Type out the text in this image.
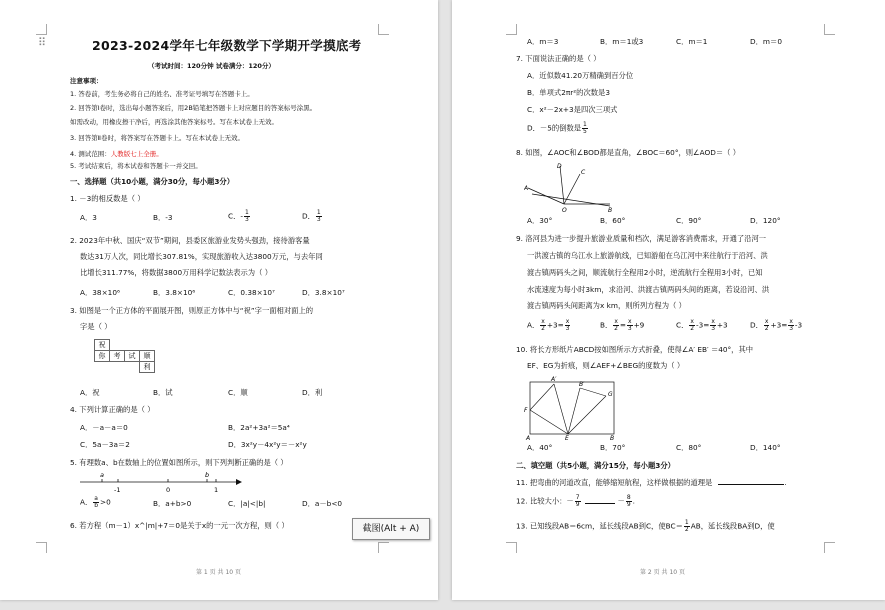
⠿	2023-2024学年七年级数学下学期开学摸底考
（考试时间：120分钟 试卷满分：120分）
注意事项：
1. 答卷前，考生务必将自己的姓名、准考证号填写在答题卡上。
2. 回答第Ⅰ卷时，选出每小题答案后，用2B铅笔把答题卡上对应题目的答案标号涂黑。
如需改动，用橡皮擦干净后，再选涂其他答案标号。写在本试卷上无效。
3. 回答第Ⅱ卷时，将答案写在答题卡上。写在本试卷上无效。
4. 测试范围：人教版七上全册。
5. 考试结束后，将本试卷和答题卡一并交回。
一、选择题（共10小题，满分30分，每小题3分）
1. －3的相反数是（ ）
A．3	B．-3	C．- $\frac{1}{3}$	D． $\frac{1}{3}$
2. 2023年中秋、国庆“双节”期间，县委区旅游业发势头强劲，接待游客量
数达31万人次，同比增长307.81%，实现旅游收入达3800万元，与去年同
比增长311.77%，将数据3800万用科学记数法表示为（ ）
A．38×10⁶	B．3.8×10⁶	C．0.38×10⁷	D．3.8×10⁷
3. 如图是一个正方体的平面展开图，则原正方体中与“祝”字一面相对面上的
字是（ ）
祝			
你	考	试	顺
			利
A．祝	B．试	C．顺	D．利
4. 下列计算正确的是（ ）
A．－a－a＝0	B．2a²+3a²＝5a⁴
C．5a－3a＝2	D．3x²y－4x²y＝－x²y
5. 有理数a、b在数轴上的位置如图所示，则下列判断正确的是（ ）
a
-1	0
b
1
A． $\frac{a}{b} >0$	B．a+b>0	C．|a|<|b|	D．a－b<0
6. 若方程（m－1）x^|m|+7＝0是关于x的一元一次方程，则（ ）
第 1 页 共 10 页
截图(Alt + A)
A．m＝3	B．m＝1或3	C．m＝1	D．m＝0
7. 下面说法正确的是（ ）
A．近似数41.20万精确到百分位
B．单项式2πr²的次数是3
C．x²－2x+3是四次三项式
D．－5的倒数是 $\frac{1}{5}$
8. 如图，∠AOC和∠BOD都是直角，∠BOC＝60°，则∠AOD＝（ ）
D
C
A
O	B
A．30°	B．60°	C．90°	D．120°
9. 洛河县为进一步提升旅游业质量和档次，满足游客消费需求，开通了沿河一
一洪渡古镇的乌江水上旅游航线，已知游船在乌江河中来往航行于沿河、洪
渡古镇两码头之间，顺流航行全程用2小时，逆流航行全程用3小时，已知
水流速度为每小时3km，求沿河、洪渡古镇两码头间的距离，若设沿河、洪
渡古镇两码头间距离为x km，则所列方程为（ ）
A． $\frac{x}{2} +3= \frac{x}{3}$	B． $\frac{x}{2} = \frac{x}{3} +9$	C． $\frac{x}{2} -3= \frac{x}{3} +3$	D． $\frac{x}{2} +3= \frac{x}{3} -3$
10. 将长方形纸片ABCD按如图所示方式折叠，使得∠A′ EB′ ＝40°，其中
EF、EG为折痕，则∠AEF+∠BEG的度数为（ ）
A′
B′
F
G
A	E	B
A．40°	B．70°	C．80°	D．140°
二、填空题（共5小题，满分15分，每小题3分）
11. 把弯曲的河道改直，能够缩短航程，这样做根据的道理是	.
12. 比较大小：－ $\frac{7}{9}$	－ $\frac{8}{9}$ .
13. 已知线段AB＝6cm，延长线段AB到C，使$BC= \frac{1}{2}$ AB，延长线段BA到D，使
第 2 页 共 10 页
